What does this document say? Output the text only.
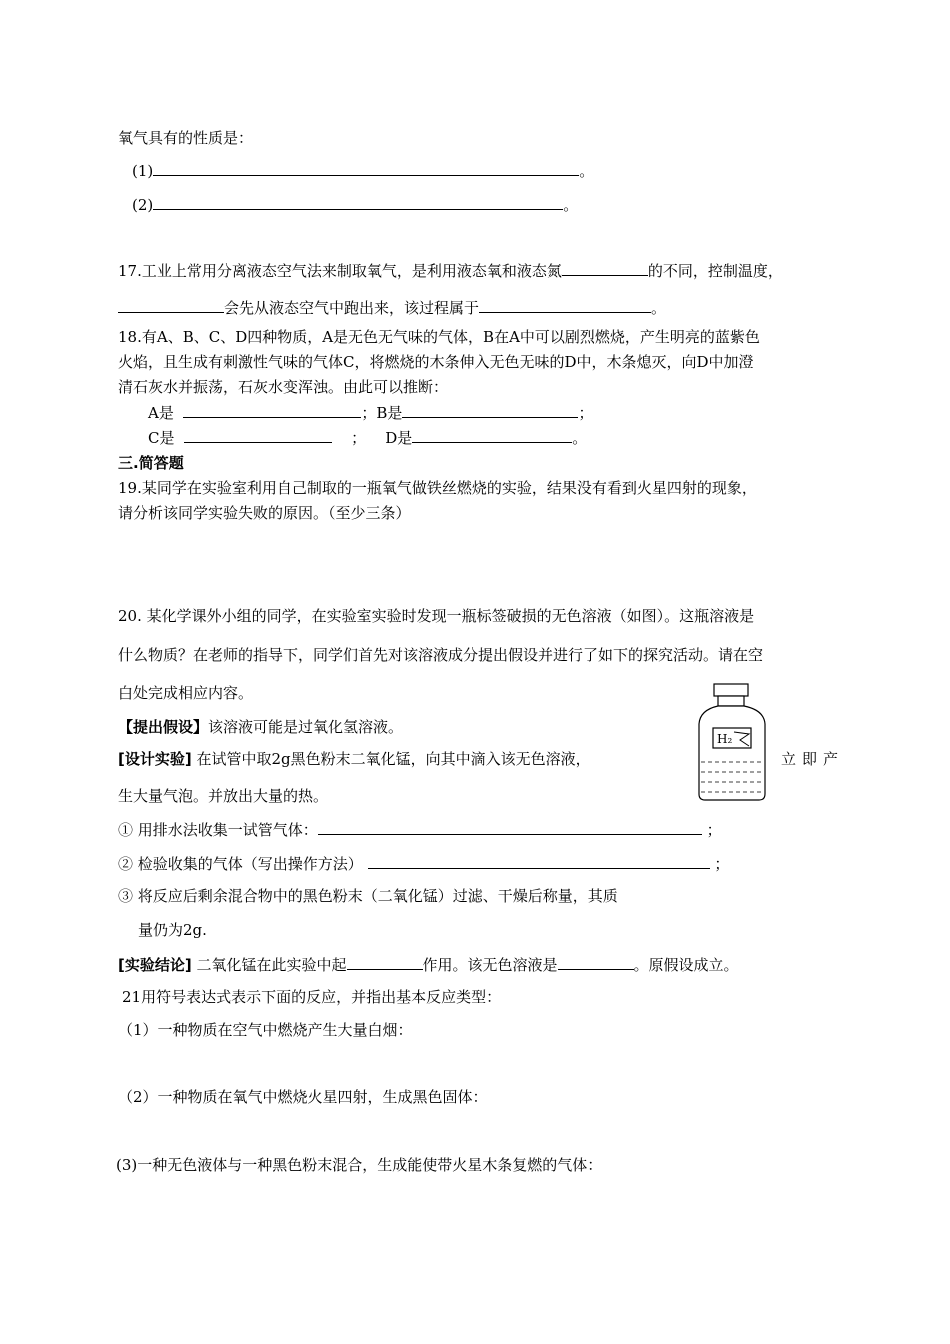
氧气具有的性质是：
(1)	。
(2)	。
17.工业上常用分离液态空气法来制取氧气，是利用液态氧和液态氮	的不同，控制温度，
会先从液态空气中跑出来，该过程属于	。
18.有A、B、C、D四种物质，A是无色无气味的气体，B在A中可以剧烈燃烧，产生明亮的蓝紫色
火焰，且生成有刺激性气味的气体C，将燃烧的木条伸入无色无味的D中，木条熄灭，向D中加澄
清石灰水并振荡，石灰水变浑浊。由此可以推断：
A是	；B是	；
C是	； D是	。
三.简答题
19.某同学在实验室利用自己制取的一瓶氧气做铁丝燃烧的实验，结果没有看到火星四射的现象，
请分析该同学实验失败的原因。（至少三条）
20. 某化学课外小组的同学，在实验室实验时发现一瓶标签破损的无色溶液（如图）。这瓶溶液是
什么物质？在老师的指导下，同学们首先对该溶液成分提出假设并进行了如下的探究活动。请在空
白处完成相应内容。
【提出假设】该溶液可能是过氧化氢溶液。
[设计实验] 在试管中取2g黑色粉末二氧化锰，向其中滴入该无色溶液，	立即产
生大量气泡。并放出大量的热。
H₂
① 用排水法收集一试管气体：	；
② 检验收集的气体（写出操作方法）	；
③ 将反应后剩余混合物中的黑色粉末（二氧化锰）过滤、干燥后称量，其质
量仍为2g.
[实验结论] 二氧化锰在此实验中起	作用。该无色溶液是	。原假设成立。
21用符号表达式表示下面的反应，并指出基本反应类型：
（1）一种物质在空气中燃烧产生大量白烟：
（2）一种物质在氧气中燃烧火星四射，生成黑色固体：
(3)一种无色液体与一种黑色粉末混合，生成能使带火星木条复燃的气体：
